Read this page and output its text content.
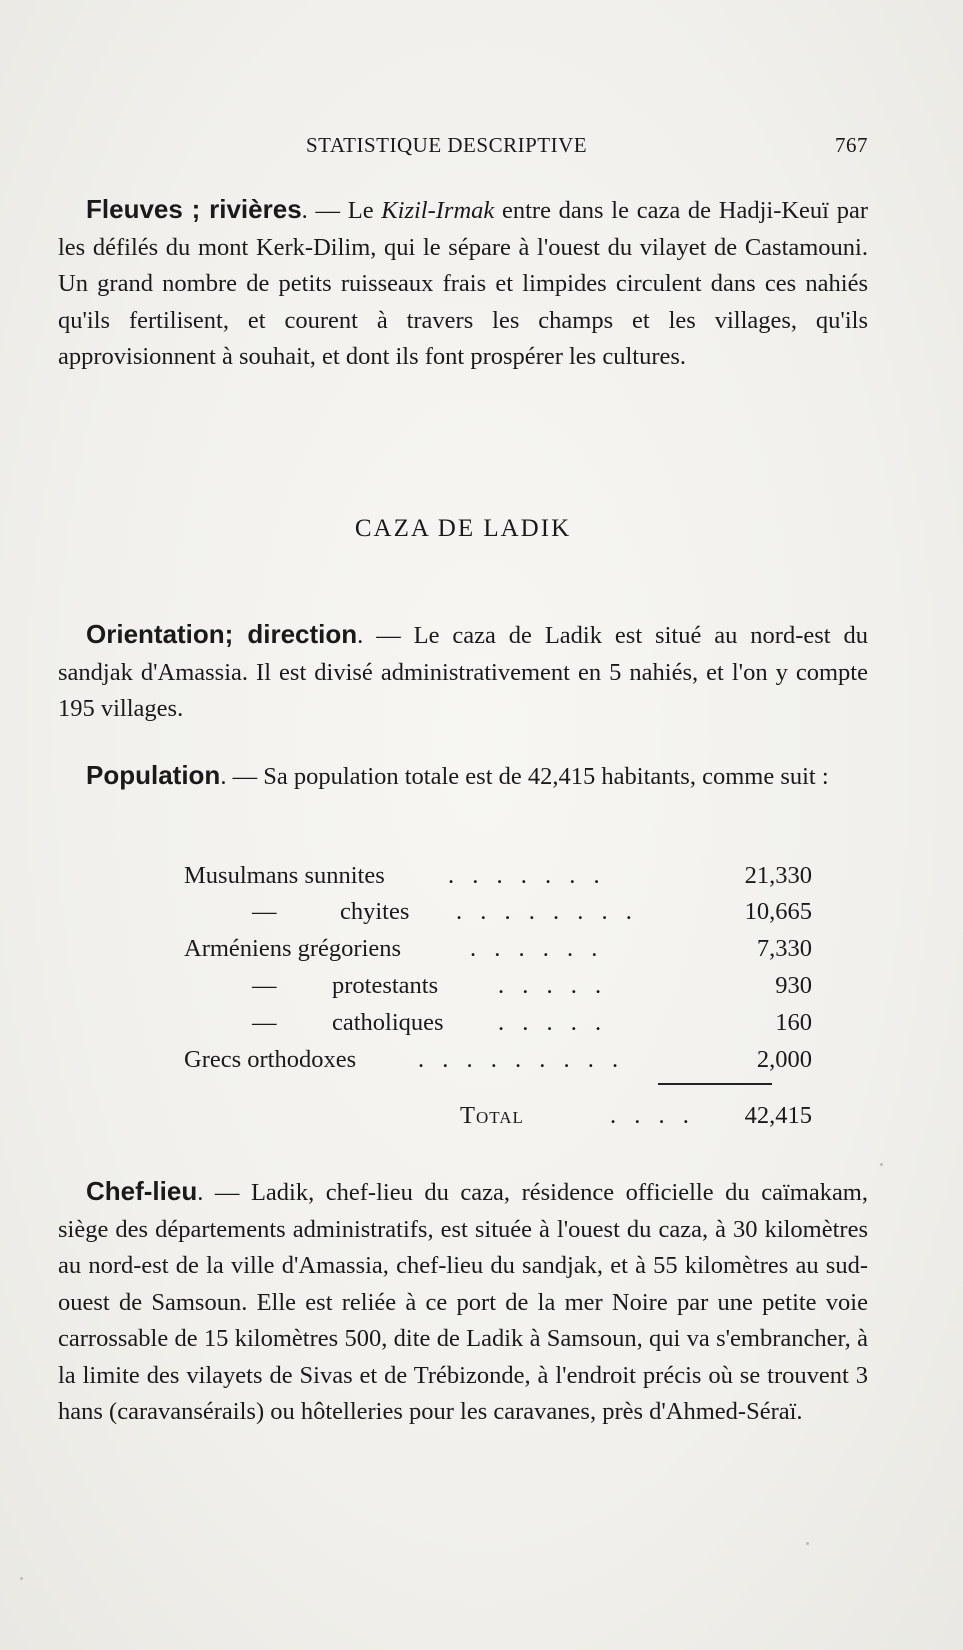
STATISTIQUE DESCRIPTIVE	767

Fleuves ; rivières. — Le Kizil-Irmak entre dans le caza de Hadji-Keuï par les défilés du mont Kerk-Dilim, qui le sépare à l'ouest du vilayet de Castamouni. Un grand nombre de petits ruisseaux frais et limpides circulent dans ces nahiés qu'ils fertilisent, et courent à travers les champs et les villages, qu'ils approvisionnent à souhait, et dont ils font prospérer les cultures.

CAZA DE LADIK

Orientation; direction. — Le caza de Ladik est situé au nord-est du sandjak d'Amassia. Il est divisé administrativement en 5 nahiés, et l'on y compte 195 villages.

Population. — Sa population totale est de 42,415 habitants, comme suit :

Musulmans sunnites	. . . . . . .	21,330
—	chyites . . . . . . . .	10,665
Arméniens grégoriens	. . . . . .	7,330
— protestants . . . . .	930
— catholiques . . . . .	160
Grecs orthodoxes	. . . . . . . . .	2,000
Total	. . . . 42,415

Chef-lieu. — Ladik, chef-lieu du caza, résidence officielle du caïmakam, siège des départements administratifs, est située à l'ouest du caza, à 30 kilomètres au nord-est de la ville d'Amassia, chef-lieu du sandjak, et à 55 kilomètres au sud-ouest de Samsoun. Elle est reliée à ce port de la mer Noire par une petite voie carrossable de 15 kilomètres 500, dite de Ladik à Samsoun, qui va s'embrancher, à la limite des vilayets de Sivas et de Trébizonde, à l'endroit précis où se trouvent 3 hans (caravansérails) ou hôtelleries pour les caravanes, près d'Ahmed-Séraï.
